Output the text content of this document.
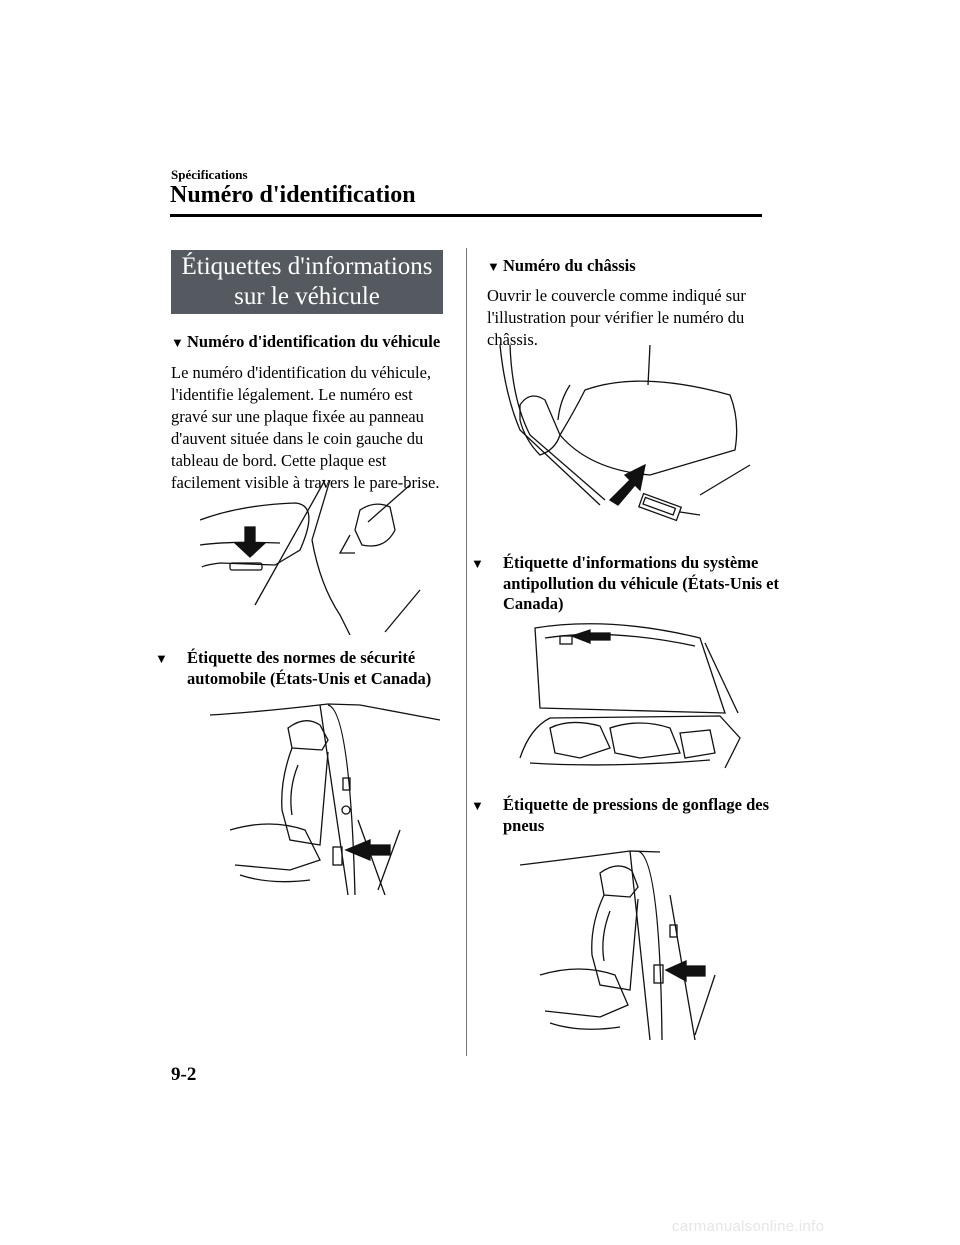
Spécifications
Numéro d'identification
Étiquettes d'informations
sur le véhicule
▼ Numéro d'identification du véhicule
Le numéro d'identification du véhicule, l'identifie légalement. Le numéro est gravé sur une plaque fixée au panneau d'auvent située dans le coin gauche du tableau de bord. Cette plaque est facilement visible à travers le pare-brise.
▼ Étiquette des normes de sécurité automobile (États-Unis et Canada)
▼ Numéro du châssis
Ouvrir le couvercle comme indiqué sur l'illustration pour vérifier le numéro du châssis.
▼ Étiquette d'informations du système antipollution du véhicule (États-Unis et Canada)
▼ Étiquette de pressions de gonflage des pneus
9-2
carmanualsonline.info
